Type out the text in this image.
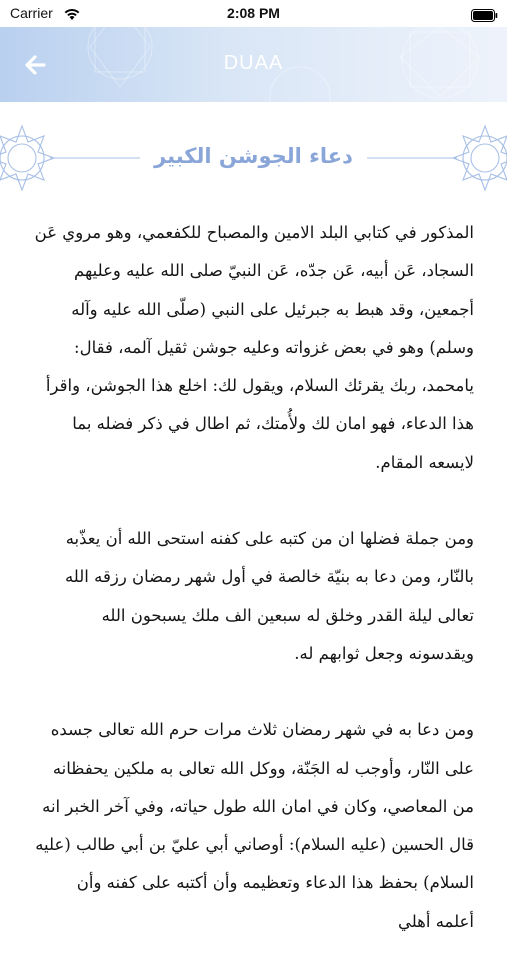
Carrier	2:08 PM
DUAA
دعاء الجوشن الكبير

المذكور في كتابي البلد الامين والمصباح للكفعمي، وهو مروي عَن السجاد، عَن أبيه، عَن جدّه، عَن النبيّ صلى الله عليه وعليهم أجمعين، وقد هبط به جبرئيل على النبي (صلّى الله عليه وآله وسلم) وهو في بعض غزواته وعليه جوشن ثقيل آلمه، فقال: يامحمد، ربك يقرئك السلام، ويقول لك: اخلع هذا الجوشن، واقرأ هذا الدعاء، فهو امان لك ولأُمتك، ثم اطال في ذكر فضله بما لايسعه المقام.

ومن جملة فضلها ان من كتبه على كفنه استحى الله أن يعذّبه بالنّار، ومن دعا به بنيّة خالصة في أول شهر رمضان رزقه الله تعالى ليلة القدر وخلق له سبعين الف ملك يسبحون الله ويقدسونه وجعل ثوابهم له.

ومن دعا به في شهر رمضان ثلاث مرات حرم الله تعالى جسده على النّار، وأوجب له الجَنّة، ووكل الله تعالى به ملكين يحفظانه من المعاصي، وكان في امان الله طول حياته، وفي آخر الخبر انه قال الحسين (عليه السلام): أوصاني أبي عليّ بن أبي طالب (عليه السلام) بحفظ هذا الدعاء وتعظيمه وأن أكتبه على كفنه وأن أعلمه أهلي
